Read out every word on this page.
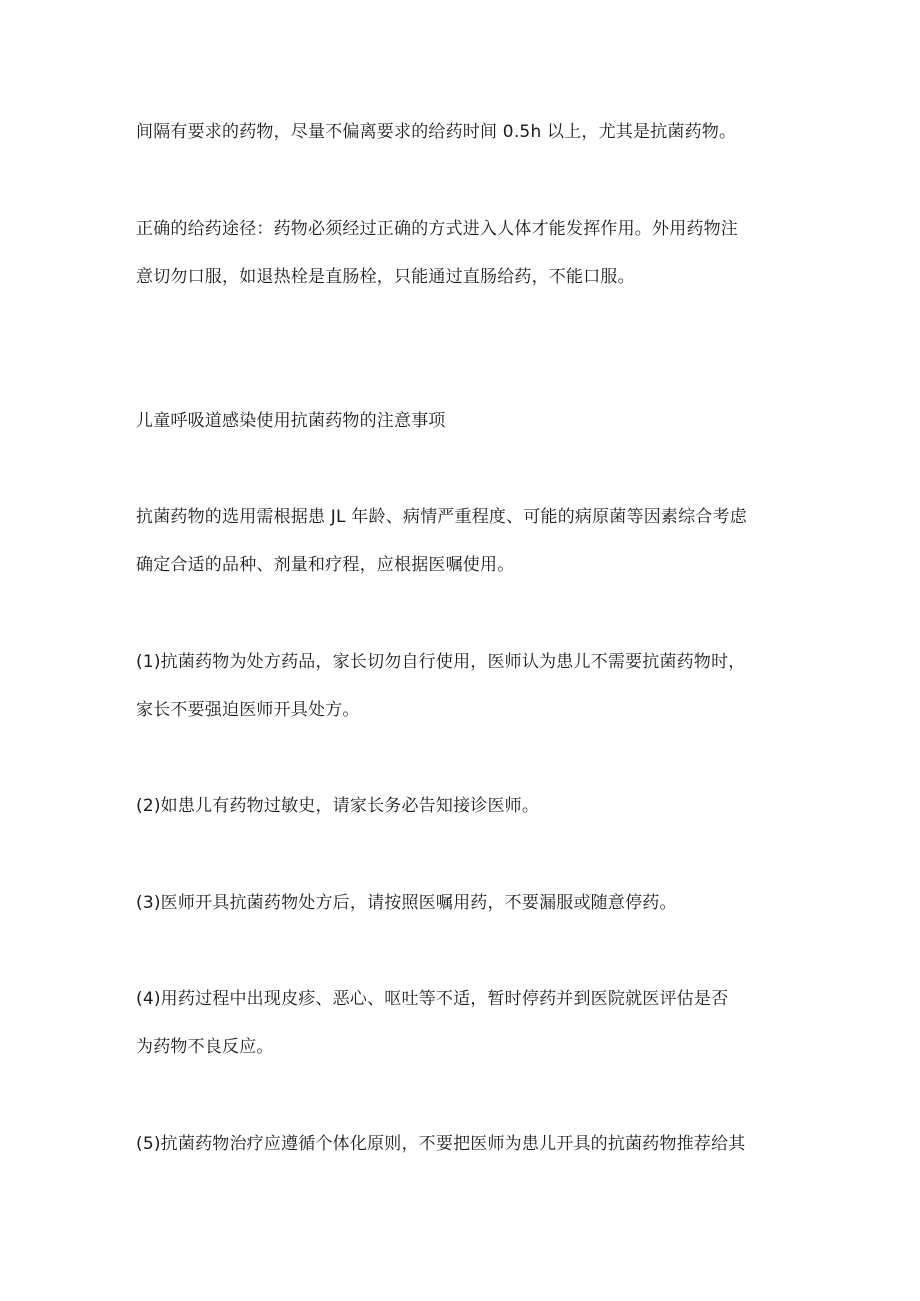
间隔有要求的药物，尽量不偏离要求的给药时间 0.5h 以上，尤其是抗菌药物。
正确的给药途径：药物必须经过正确的方式进入人体才能发挥作用。外用药物注
意切勿口服，如退热栓是直肠栓，只能通过直肠给药，不能口服。
儿童呼吸道感染使用抗菌药物的注意事项
抗菌药物的选用需根据患 JL 年龄、病情严重程度、可能的病原菌等因素综合考虑
确定合适的品种、剂量和疗程，应根据医嘱使用。
(1)抗菌药物为处方药品，家长切勿自行使用，医师认为患儿不需要抗菌药物时，
家长不要强迫医师开具处方。
(2)如患儿有药物过敏史，请家长务必告知接诊医师。
(3)医师开具抗菌药物处方后，请按照医嘱用药，不要漏服或随意停药。
(4)用药过程中出现皮疹、恶心、呕吐等不适，暂时停药并到医院就医评估是否
为药物不良反应。
(5)抗菌药物治疗应遵循个体化原则，不要把医师为患儿开具的抗菌药物推荐给其
